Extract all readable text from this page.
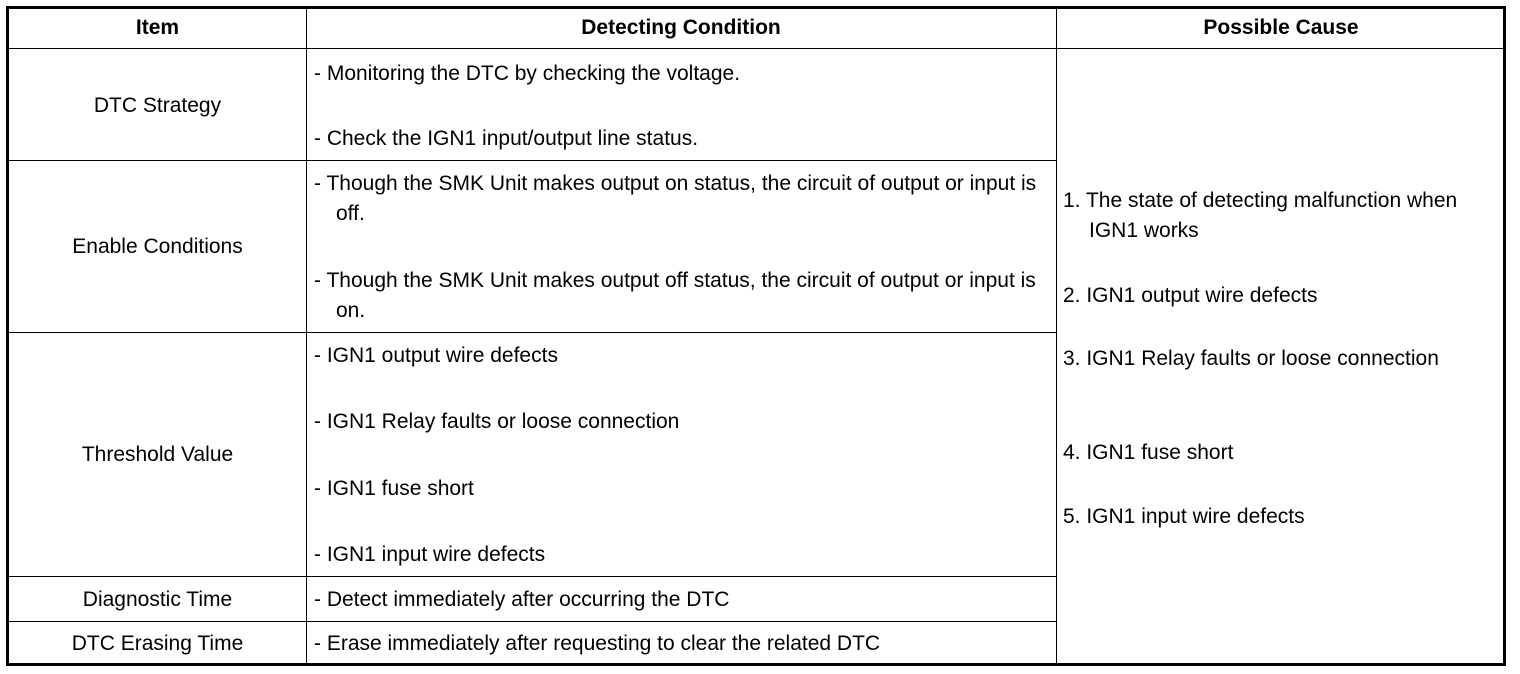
Item	Detecting Condition	Possible Cause
DTC Strategy
Enable Conditions
Threshold Value
Diagnostic Time
DTC Erasing Time
- Monitoring the DTC by checking the voltage.
- Check the IGN1 input/output line status.
- Though the SMK Unit makes output on status, the circuit of output or input is off.
- Though the SMK Unit makes output off status, the circuit of output or input is on.
- IGN1 output wire defects
- IGN1 Relay faults or loose connection
- IGN1 fuse short
- IGN1 input wire defects
- Detect immediately after occurring the DTC
- Erase immediately after requesting to clear the related DTC
1. The state of detecting malfunction when IGN1 works
2. IGN1 output wire defects
3. IGN1 Relay faults or loose connection
4. IGN1 fuse short
5. IGN1 input wire defects
